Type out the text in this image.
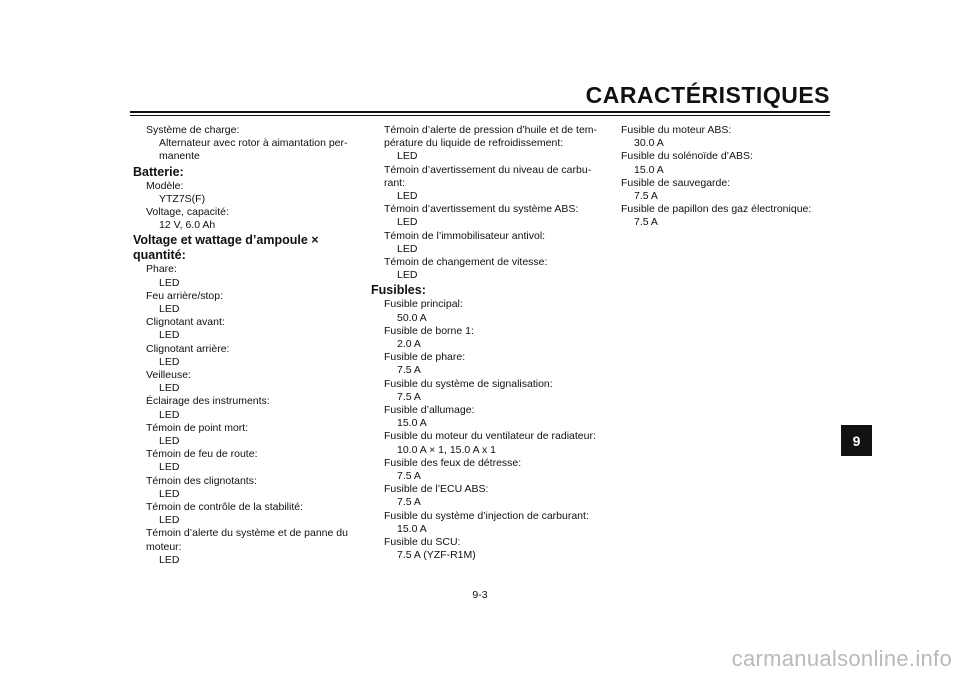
CARACTÉRISTIQUES
Système de charge:
Alternateur avec rotor à aimantation per-
manente
Batterie:
Modèle:
YTZ7S(F)
Voltage, capacité:
12 V, 6.0 Ah
Voltage et wattage d’ampoule × quantité:
Phare:
LED
Feu arrière/stop:
LED
Clignotant avant:
LED
Clignotant arrière:
LED
Veilleuse:
LED
Éclairage des instruments:
LED
Témoin de point mort:
LED
Témoin de feu de route:
LED
Témoin des clignotants:
LED
Témoin de contrôle de la stabilité:
LED
Témoin d’alerte du système et de panne du
moteur:
LED
Témoin d’alerte de pression d’huile et de tem-
pérature du liquide de refroidissement:
LED
Témoin d’avertissement du niveau de carbu-
rant:
LED
Témoin d’avertissement du système ABS:
LED
Témoin de l’immobilisateur antivol:
LED
Témoin de changement de vitesse:
LED
Fusibles:
Fusible principal:
50.0 A
Fusible de borne 1:
2.0 A
Fusible de phare:
7.5 A
Fusible du système de signalisation:
7.5 A
Fusible d’allumage:
15.0 A
Fusible du moteur du ventilateur de radiateur:
10.0 A × 1, 15.0 A x 1
Fusible des feux de détresse:
7.5 A
Fusible de l’ECU ABS:
7.5 A
Fusible du système d’injection de carburant:
15.0 A
Fusible du SCU:
7.5 A (YZF-R1M)
Fusible du moteur ABS:
30.0 A
Fusible du solénoïde d’ABS:
15.0 A
Fusible de sauvegarde:
7.5 A
Fusible de papillon des gaz électronique:
7.5 A
9
9-3
carmanualsonline.info
